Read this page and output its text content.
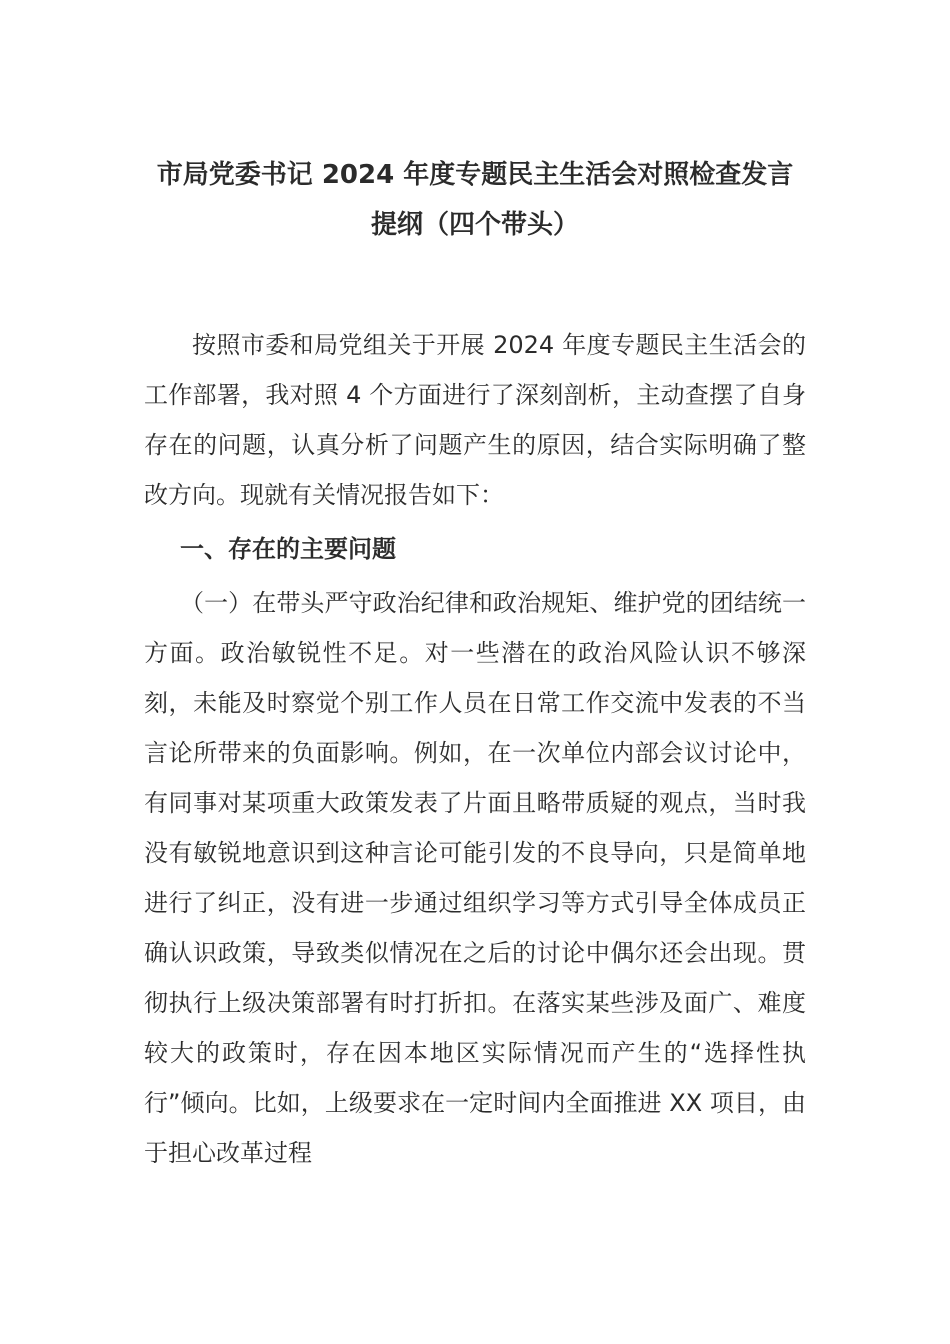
市局党委书记 2024 年度专题民主生活会对照检查发言提纲（四个带头）

按照市委和局党组关于开展 2024 年度专题民主生活会的工作部署，我对照 4 个方面进行了深刻剖析，主动查摆了自身存在的问题，认真分析了问题产生的原因，结合实际明确了整改方向。现就有关情况报告如下：

一、存在的主要问题

（一）在带头严守政治纪律和政治规矩、维护党的团结统一方面。政治敏锐性不足。对一些潜在的政治风险认识不够深刻，未能及时察觉个别工作人员在日常工作交流中发表的不当言论所带来的负面影响。例如，在一次单位内部会议讨论中，有同事对某项重大政策发表了片面且略带质疑的观点，当时我没有敏锐地意识到这种言论可能引发的不良导向，只是简单地进行了纠正，没有进一步通过组织学习等方式引导全体成员正确认识政策，导致类似情况在之后的讨论中偶尔还会出现。贯彻执行上级决策部署有时打折扣。在落实某些涉及面广、难度较大的政策时，存在因本地区实际情况而产生的“选择性执行”倾向。比如，上级要求在一定时间内全面推进 XX 项目，由于担心改革过程
